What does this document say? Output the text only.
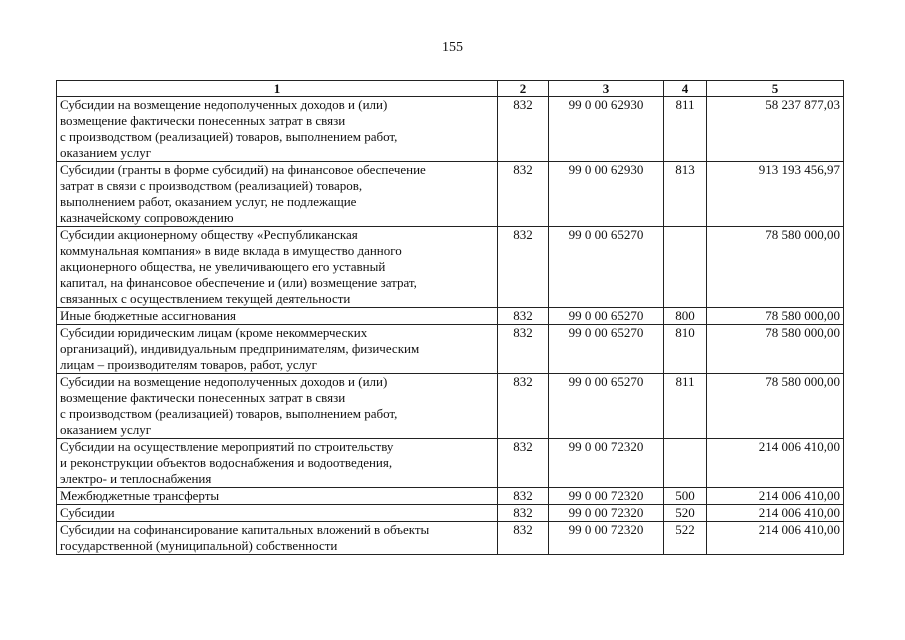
155
1	2	3	4	5
Субсидии на возмещение недополученных доходов и (или)
возмещение фактически понесенных затрат в связи
с производством (реализацией) товаров, выполнением работ,
оказанием услуг	832	99 0 00 62930	811	58 237 877,03
Субсидии (гранты в форме субсидий) на финансовое обеспечение
затрат в связи с производством (реализацией) товаров,
выполнением работ, оказанием услуг, не подлежащие
казначейскому сопровождению	832	99 0 00 62930	813	913 193 456,97
Субсидии акционерному обществу «Республиканская
коммунальная компания» в виде вклада в имущество данного
акционерного общества, не увеличивающего его уставный
капитал, на финансовое обеспечение и (или) возмещение затрат,
связанных с осуществлением текущей деятельности	832	99 0 00 65270		78 580 000,00
Иные бюджетные ассигнования	832	99 0 00 65270	800	78 580 000,00
Субсидии юридическим лицам (кроме некоммерческих
организаций), индивидуальным предпринимателям, физическим
лицам – производителям товаров, работ, услуг	832	99 0 00 65270	810	78 580 000,00
Субсидии на возмещение недополученных доходов и (или)
возмещение фактически понесенных затрат в связи
с производством (реализацией) товаров, выполнением работ,
оказанием услуг	832	99 0 00 65270	811	78 580 000,00
Субсидии на осуществление мероприятий по строительству
и реконструкции объектов водоснабжения и водоотведения,
электро- и теплоснабжения	832	99 0 00 72320		214 006 410,00
Межбюджетные трансферты	832	99 0 00 72320	500	214 006 410,00
Субсидии	832	99 0 00 72320	520	214 006 410,00
Субсидии на софинансирование капитальных вложений в объекты
государственной (муниципальной) собственности	832	99 0 00 72320	522	214 006 410,00
